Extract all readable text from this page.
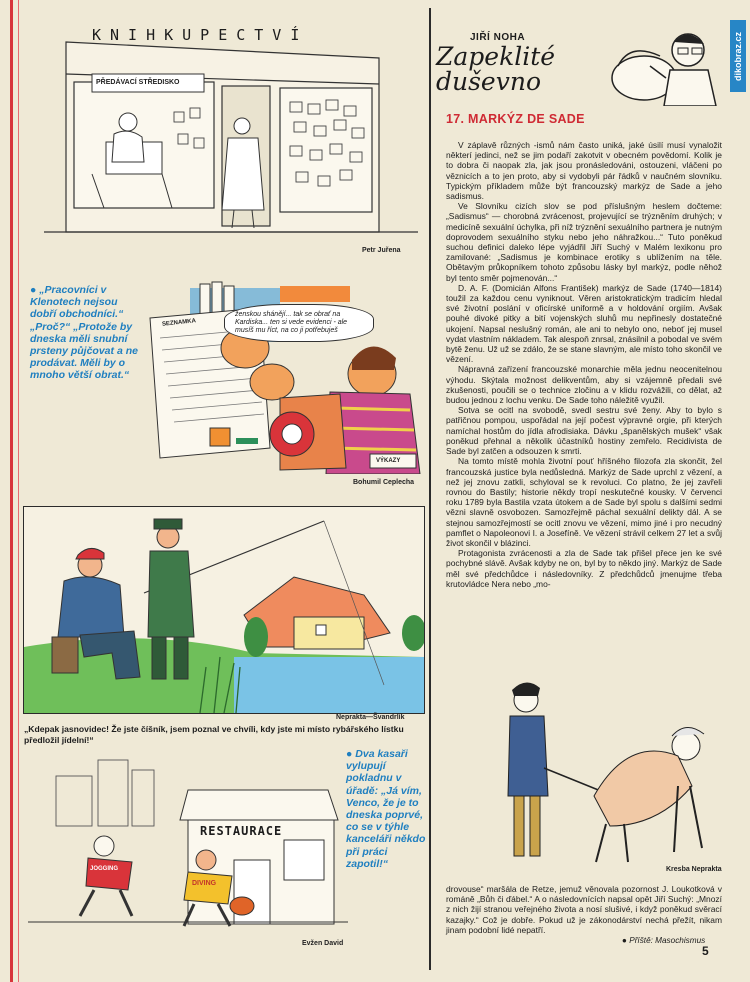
KNIHKUPECTVÍ
PŘEDÁVACÍ STŘEDISKO
Petr Juřena
● „Pracovníci v Klenotech nejsou dobří obchodníci.“ „Proč?“ „Protože by dneska měli snubní prsteny půjčovat a ne prodávat. Měli by o mnoho větší obrat.“
ženskou shánějí... tak se obrať na Kardiska... ten si vede evidenci - ale musíš mu říct, na co ji potřebuješ
SEZNAMKA
VÝKAZY
Bohumil Ceplecha
Neprakta—Švandrlík
„Kdepak jasnovidec! Že jste číšník, jsem poznal ve chvíli, kdy jste mi místo rybářského lístku předložil jídelní!“
● Dva kasaři vylupují pokladnu v úřadě: „Já vím, Venco, že je to dneska poprvé, co se v týhle kanceláři někdo při práci zapotil!“
RESTAURACE
JOGGING
DIVING
Evžen David
JIŘÍ NOHA
Zapeklité duševno
dikobraz.cz
17. MARKÝZ DE SADE

V záplavě různých -ismů nám často uniká, jaké úsilí musí vynaložit některí jedinci, než se jim podaří zakotvit v obecném povědomí. Kolik je to dobra či naopak zla, jak jsou pronásledováni, ostouzeni, vláčeni po věznicích a to jen proto, aby si vydobyli pár řádků v naučném slovníku. Typickým příkladem může být francouzský markýz de Sade a jeho sadismus.

Ve Slovníku cizích slov se pod příslušným heslem dočteme: „Sadismus“ — chorobná zvrácenost, projevující se trýzněním druhých; v medicíně sexuální úchylka, při níž trýznění sexuálního partnera je nutným doprovodem sexuálního styku nebo jeho náhražkou...“ Tuto poněkud suchou definici daleko lépe vyjádřil Jiří Suchý v Malém lexikonu pro zamilované: „Sadismus je kombinace erotiky s ublížením na těle. Obětavým průkopníkem tohoto způsobu lásky byl markýz, podle něhož byl tento směr pojmenován...“

D. A. F. (Domicián Alfons František) markýz de Sade (1740—1814) toužil za každou cenu vyniknout. Věren aristokratickým tradicím hledal své životní poslání v oficírské uniformě a v holdování orgiím. Avšak pouhé divoké pitky a bití vojenských sluhů mu nepřinesly dostatečné ukojení. Napsal neslušný román, ale ani to nebylo ono, neboť jej musel vydat vlastním nákladem. Tak alespoň znrsal, znásilnil a pobodal ve svém bytě ženu. Už už se zdálo, že se stane slavným, ale místo toho skončil ve vězení.

Nápravná zařízení francouzské monarchie měla jednu neocenitelnou výhodu. Skýtala možnost delikventům, aby si vzájemně předali své zkušenosti, poučili se o technice zločinu a v klidu rozvážili, co dělat, až budou jednou z lochu venku. De Sade toho náležitě využil.

Sotva se ocitl na svobodě, svedl sestru své ženy. Aby to bylo s patřičnou pompou, uspořádal na její počest výpravné orgie, při kterých namíchal hostům do jídla afrodisiaka. Dávku „španělských mušek“ však poněkud přehnal a několik účastníků hostiny zemřelo. Recidivista de Sade byl zatčen a odsouzen k smrti.

Na tomto místě mohla životní pouť hříšného filozofa zla skončit, žel francouzská justice byla nedůsledná. Markýz de Sade uprchl z vězení, a než jej znovu zatkli, schyloval se k revoluci. Co platno, že jej zavřeli rovnou do Bastily; historie někdy tropí neskutečné kousky. V červenci roku 1789 byla Bastila vzata útokem a de Sade byl spolu s dalšími sedmi vězni slavně osvobozen. Samozřejmě páchal sexuální delikty dál. A se stejnou samozřejmostí se ocitl znovu ve vězení, mimo jiné i pro necudný pamflet o Napoleonovi I. a Josefíně. Ve vězení strávil celkem 27 let a svůj život skončil v blázinci.

Protagonista zvrácenosti a zla de Sade tak přišel přece jen ke své pochybné slávě. Avšak kdyby ne on, byl by to někdo jiný. Markýz de Sade měl své předchůdce i následovníky. Z předchůdců jmenujme třeba krutovládce Nera nebo „mo-

Kresba Neprakta
drovouse“ maršála de Retze, jemuž věnovala pozornost J. Loukotková v románě „Bůh či ďábel.“ A o následovnících napsal opět Jiří Suchý: „Mnozí z nich žijí stranou veřejného života a nosí slušivé, i když poněkud svěrací kazajky.“ Což je dobře. Pokud už je zákonodárství nechá přežít, nikam jinam podobní lidé nepatří.
● Příště: Masochismus
5
